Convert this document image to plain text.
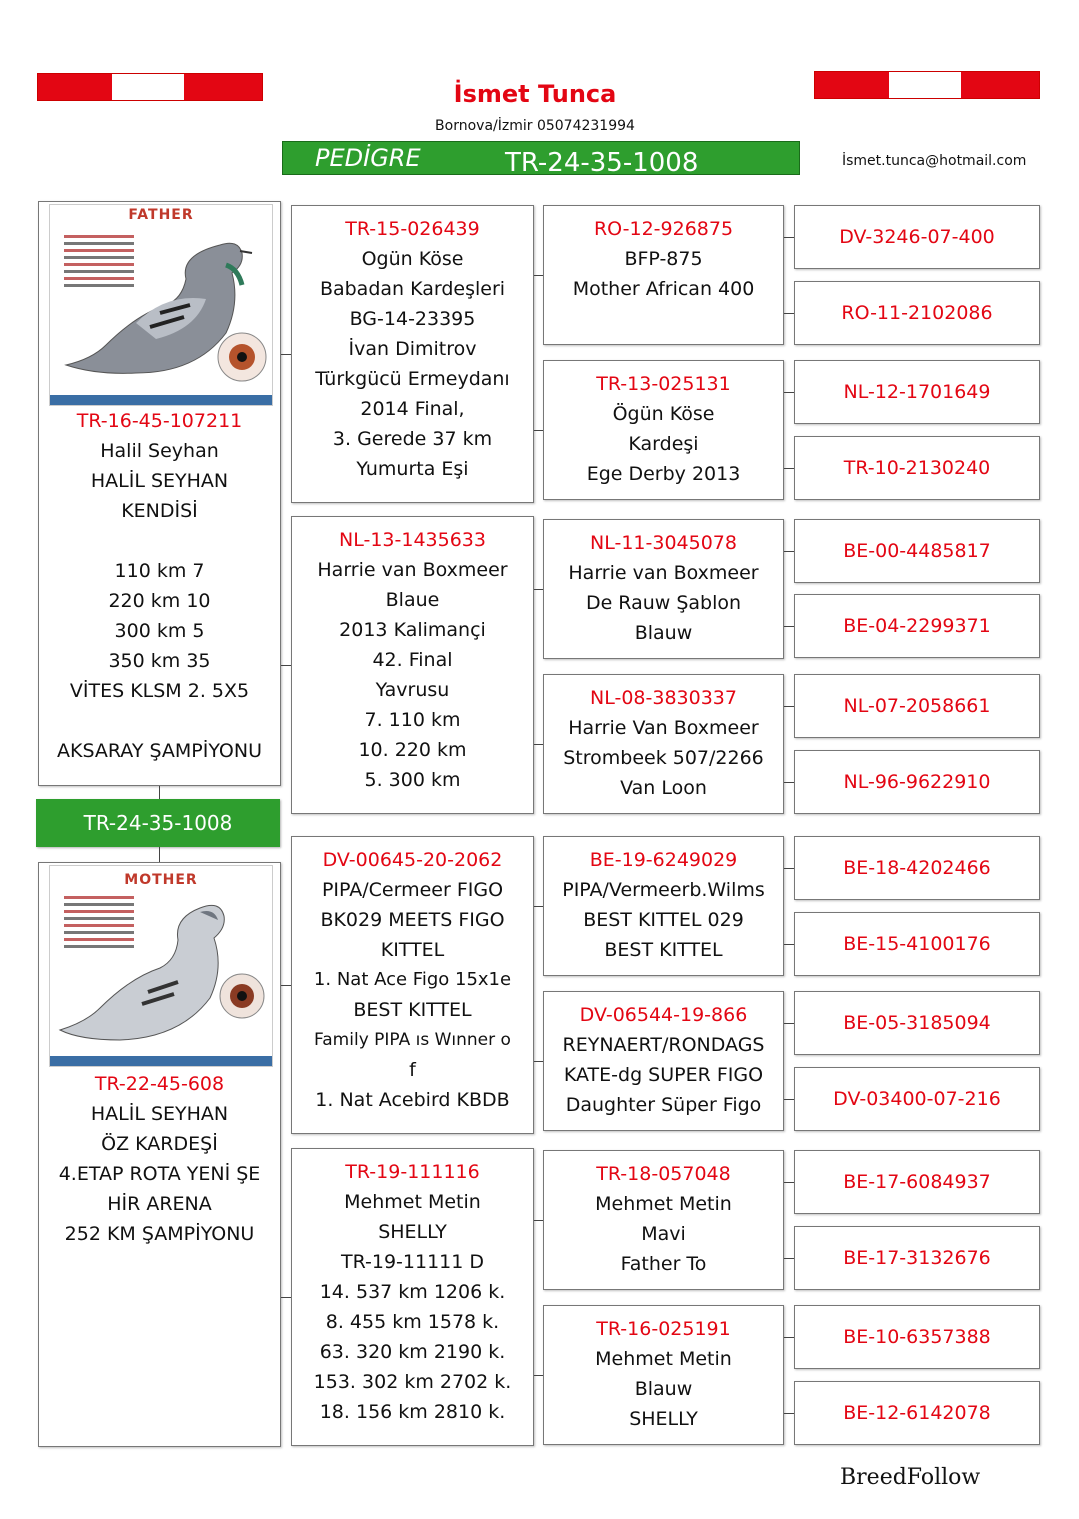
İsmet Tunca
Bornova/İzmir 05074231994
İsmet.tunca@hotmail.com
PEDİGRE	TR-24-35-1008
FATHER
TR-16-45-107211
Halil Seyhan
HALİL SEYHAN
KENDİSİ
110 km 7
220 km 10
300 km 5
350 km 35
VİTES KLSM 2. 5X5
AKSARAY ŞAMPİYONU
TR-24-35-1008
MOTHER
TR-22-45-608
HALİL SEYHAN
ÖZ KARDEŞİ
4.ETAP ROTA YENİ ŞE
HİR ARENA
252 KM ŞAMPİYONU
TR-15-026439
Ogün Köse
Babadan Kardeşleri
BG-14-23395
İvan Dimitrov
Türkgücü Ermeydanı
2014 Final,
3. Gerede 37 km
Yumurta Eşi
NL-13-1435633
Harrie van Boxmeer
Blaue
2013 Kalimançi
42. Final
Yavrusu
7. 110 km
10. 220 km
5. 300 km
DV-00645-20-2062
PIPA/Cermeer FIGO
BK029 MEETS FIGO
KITTEL
1. Nat Ace Figo 15x1e
BEST KITTEL
Family PIPA ıs Wınner o
f
1. Nat Acebird KBDB
TR-19-111116
Mehmet Metin
SHELLY
TR-19-11111 D
14. 537 km 1206 k.
8. 455 km 1578 k.
63. 320 km 2190 k.
153. 302 km 2702 k.
18. 156 km 2810 k.
RO-12-926875
BFP-875
Mother African 400
TR-13-025131
Ögün Köse
Kardeşi
Ege Derby 2013
NL-11-3045078
Harrie van Boxmeer
De Rauw Şablon
Blauw
NL-08-3830337
Harrie Van Boxmeer
Strombeek 507/2266
Van Loon
BE-19-6249029
PIPA/Vermeerb.Wilms
BEST KITTEL 029
BEST KITTEL
DV-06544-19-866
REYNAERT/RONDAGS
KATE-dg SUPER FIGO
Daughter Süper Figo
TR-18-057048
Mehmet Metin
Mavi
Father To
TR-16-025191
Mehmet Metin
Blauw
SHELLY
DV-3246-07-400
RO-11-2102086
NL-12-1701649
TR-10-2130240
BE-00-4485817
BE-04-2299371
NL-07-2058661
NL-96-9622910
BE-18-4202466
BE-15-4100176
BE-05-3185094
DV-03400-07-216
BE-17-6084937
BE-17-3132676
BE-10-6357388
BE-12-6142078
BreedFollow
